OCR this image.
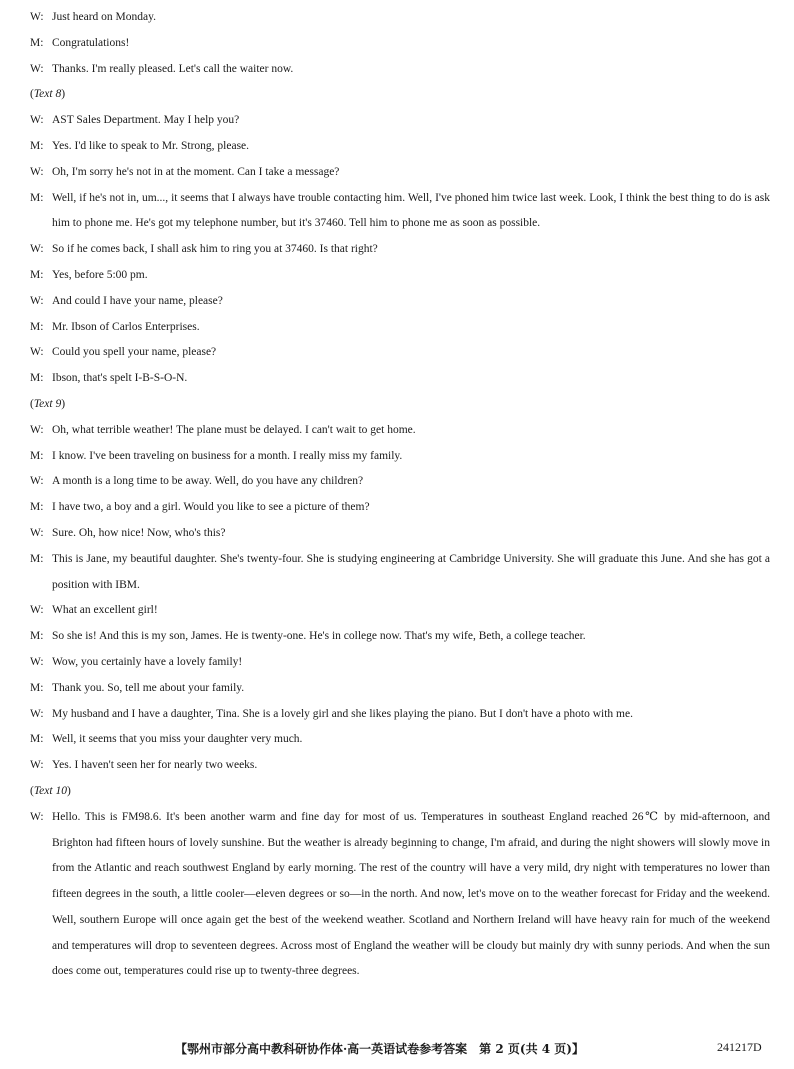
W: Just heard on Monday.
M: Congratulations!
W: Thanks. I'm really pleased. Let's call the waiter now.
(Text 8)
W: AST Sales Department. May I help you?
M: Yes. I'd like to speak to Mr. Strong, please.
W: Oh, I'm sorry he's not in at the moment. Can I take a message?
M: Well, if he's not in, um..., it seems that I always have trouble contacting him. Well, I've phoned him twice last week. Look, I think the best thing to do is ask him to phone me. He's got my telephone number, but it's 37460. Tell him to phone me as soon as possible.
W: So if he comes back, I shall ask him to ring you at 37460. Is that right?
M: Yes, before 5:00 pm.
W: And could I have your name, please?
M: Mr. Ibson of Carlos Enterprises.
W: Could you spell your name, please?
M: Ibson, that's spelt I-B-S-O-N.
(Text 9)
W: Oh, what terrible weather! The plane must be delayed. I can't wait to get home.
M: I know. I've been traveling on business for a month. I really miss my family.
W: A month is a long time to be away. Well, do you have any children?
M: I have two, a boy and a girl. Would you like to see a picture of them?
W: Sure. Oh, how nice! Now, who's this?
M: This is Jane, my beautiful daughter. She's twenty-four. She is studying engineering at Cambridge University. She will graduate this June. And she has got a position with IBM.
W: What an excellent girl!
M: So she is! And this is my son, James. He is twenty-one. He's in college now. That's my wife, Beth, a college teacher.
W: Wow, you certainly have a lovely family!
M: Thank you. So, tell me about your family.
W: My husband and I have a daughter, Tina. She is a lovely girl and she likes playing the piano. But I don't have a photo with me.
M: Well, it seems that you miss your daughter very much.
W: Yes. I haven't seen her for nearly two weeks.
(Text 10)
W: Hello. This is FM98.6. It's been another warm and fine day for most of us. Temperatures in southeast England reached 26℃ by mid-afternoon, and Brighton had fifteen hours of lovely sunshine. But the weather is already beginning to change, I'm afraid, and during the night showers will slowly move in from the Atlantic and reach southwest England by early morning. The rest of the country will have a very mild, dry night with temperatures no lower than fifteen degrees in the south, a little cooler—eleven degrees or so—in the north. And now, let's move on to the weather forecast for Friday and the weekend. Well, southern Europe will once again get the best of the weekend weather. Scotland and Northern Ireland will have heavy rain for much of the weekend and temperatures will drop to seventeen degrees. Across most of England the weather will be cloudy but mainly dry with sunny periods. And when the sun does come out, temperatures could rise up to twenty-three degrees.
【鄂州市部分高中教科研协作体·高一英语试卷参考答案　第 2 页(共 4 页)】	241217D
